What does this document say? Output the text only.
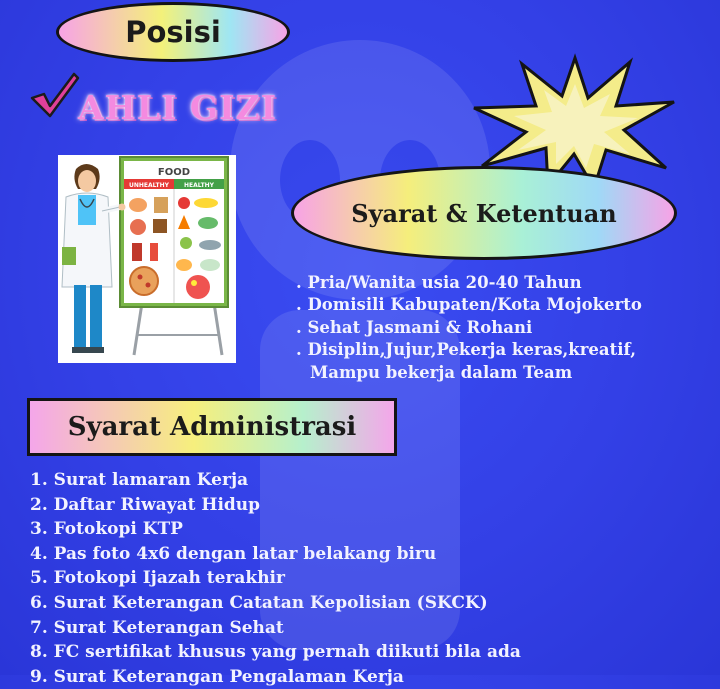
Posisi
AHLI GIZI
FOOD
UNHEALTHY HEALTHY
Syarat & Ketentuan
. Pria/Wanita usia 20-40 Tahun
. Domisili Kabupaten/Kota Mojokerto
. Sehat Jasmani & Rohani
. Disiplin,Jujur,Pekerja keras,kreatif,
Mampu bekerja dalam Team
Syarat Administrasi
1. Surat lamaran Kerja
2. Daftar Riwayat Hidup
3. Fotokopi KTP
4. Pas foto 4x6 dengan latar belakang biru
5. Fotokopi Ijazah terakhir
6. Surat Keterangan Catatan Kepolisian (SKCK)
7. Surat Keterangan Sehat
8. FC sertifikat khusus yang pernah diikuti bila ada
9. Surat Keterangan Pengalaman Kerja
